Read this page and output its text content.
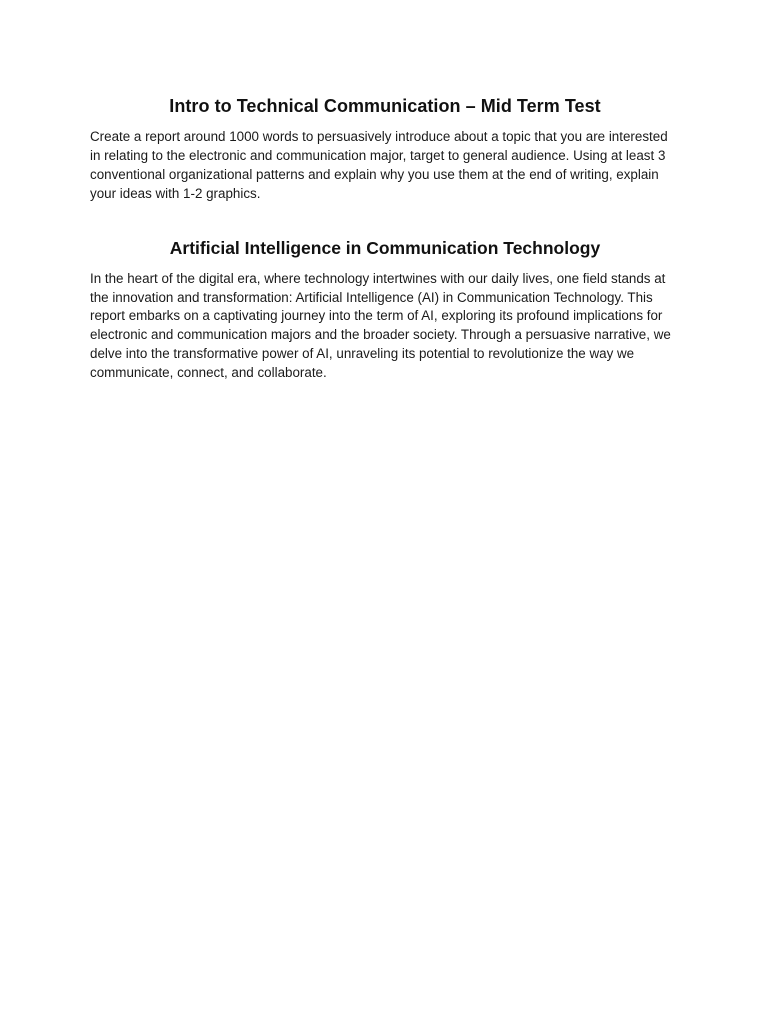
Intro to Technical Communication – Mid Term Test

Create a report around 1000 words to persuasively introduce about a topic that you are interested in relating to the electronic and communication major, target to general audience. Using at least 3 conventional organizational patterns and explain why you use them at the end of writing, explain your ideas with 1-2 graphics.

Artificial Intelligence in Communication Technology

In the heart of the digital era, where technology intertwines with our daily lives, one field stands at the innovation and transformation: Artificial Intelligence (AI) in Communication Technology. This report embarks on a captivating journey into the term of AI, exploring its profound implications for electronic and communication majors and the broader society. Through a persuasive narrative, we delve into the transformative power of AI, unraveling its potential to revolutionize the way we communicate, connect, and collaborate.
